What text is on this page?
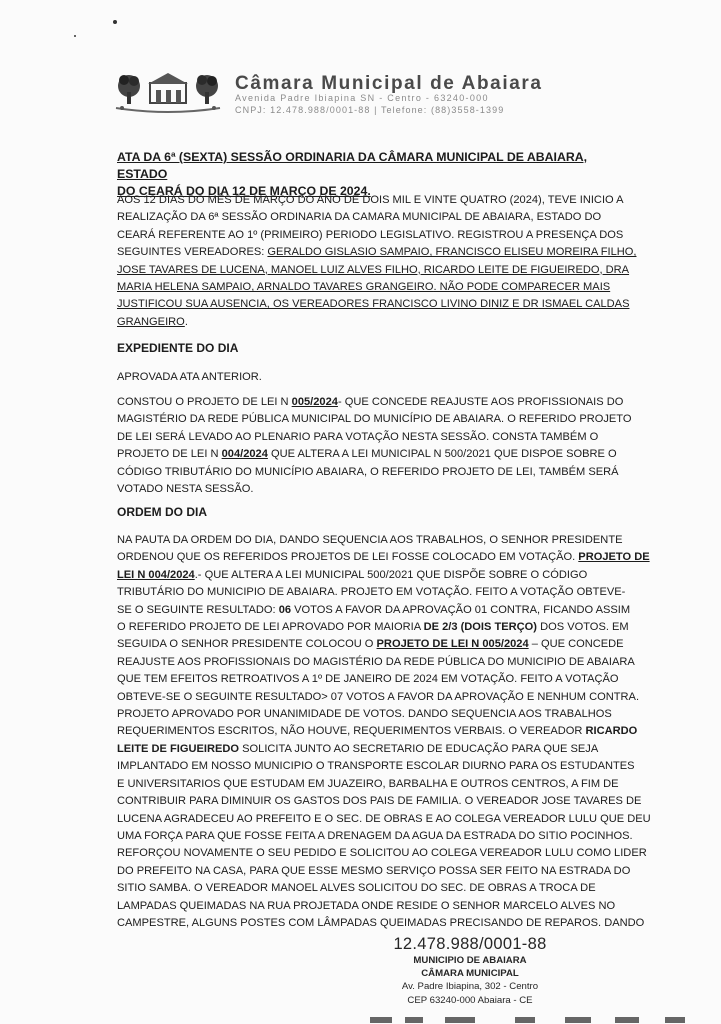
Câmara Municipal de Abaiara
Avenida Padre Ibiapina SN - Centro - 63240-000
CNPJ: 12.478.988/0001-88 | Telefone: (88)3558-1399
ATA DA 6ª (SEXTA) SESSÃO ORDINARIA DA CÂMARA MUNICIPAL DE ABAIARA, ESTADO
DO CEARÁ DO DIA 12 DE MARÇO DE 2024.
AOS 12 DIAS DO MÊS DE MARÇO DO ANO DE DOIS MIL E VINTE QUATRO (2024), TEVE INICIO A
REALIZAÇÃO DA 6ª SESSÃO ORDINARIA DA CAMARA MUNICIPAL DE ABAIARA, ESTADO DO
CEARÁ REFERENTE AO 1º (PRIMEIRO) PERIODO LEGISLATIVO. REGISTROU A PRESENÇA DOS
SEGUINTES VEREADORES: GERALDO GISLASIO SAMPAIO, FRANCISCO ELISEU MOREIRA FILHO,
JOSE TAVARES DE LUCENA, MANOEL LUIZ ALVES FILHO, RICARDO LEITE DE FIGUEIREDO, DRA
MARIA HELENA SAMPAIO, ARNALDO TAVARES GRANGEIRO. NÃO PODE COMPARECER MAIS
JUSTIFICOU SUA AUSENCIA, OS VEREADORES FRANCISCO LIVINO DINIZ E DR ISMAEL CALDAS
GRANGEIRO.
EXPEDIENTE DO DIA
APROVADA ATA ANTERIOR.
CONSTOU O PROJETO DE LEI N 005/2024- QUE CONCEDE REAJUSTE AOS PROFISSIONAIS DO
MAGISTÉRIO DA REDE PÚBLICA MUNICIPAL DO MUNICÍPIO DE ABAIARA. O REFERIDO PROJETO
DE LEI SERÁ LEVADO AO PLENARIO PARA VOTAÇÃO NESTA SESSÃO. CONSTA TAMBÉM O
PROJETO DE LEI N 004/2024 QUE ALTERA A LEI MUNICIPAL N 500/2021 QUE DISPOE SOBRE O
CÓDIGO TRIBUTÁRIO DO MUNICÍPIO ABAIARA, O REFERIDO PROJETO DE LEI, TAMBÉM SERÁ
VOTADO NESTA SESSÃO.
ORDEM DO DIA
NA PAUTA DA ORDEM DO DIA, DANDO SEQUENCIA AOS TRABALHOS, O SENHOR PRESIDENTE
ORDENOU QUE OS REFERIDOS PROJETOS DE LEI FOSSE COLOCADO EM VOTAÇÃO. PROJETO DE
LEI N 004/2024.- QUE ALTERA A LEI MUNICIPAL 500/2021 QUE DISPÕE SOBRE O CÓDIGO
TRIBUTÁRIO DO MUNICIPIO DE ABAIARA. PROJETO EM VOTAÇÃO. FEITO A VOTAÇÃO OBTEVE-
SE O SEGUINTE RESULTADO: 06 VOTOS A FAVOR DA APROVAÇÃO 01 CONTRA, FICANDO ASSIM
O REFERIDO PROJETO DE LEI APROVADO POR MAIORIA DE 2/3 (DOIS TERÇO) DOS VOTOS. EM
SEGUIDA O SENHOR PRESIDENTE COLOCOU O PROJETO DE LEI N 005/2024 – QUE CONCEDE
REAJUSTE AOS PROFISSIONAIS DO MAGISTÉRIO DA REDE PÚBLICA DO MUNICIPIO DE ABAIARA
QUE TEM EFEITOS RETROATIVOS A 1º DE JANEIRO DE 2024 EM VOTAÇÃO. FEITO A VOTAÇÃO
OBTEVE-SE O SEGUINTE RESULTADO> 07 VOTOS A FAVOR DA APROVAÇÃO E NENHUM CONTRA.
PROJETO APROVADO POR UNANIMIDADE DE VOTOS. DANDO SEQUENCIA AOS TRABALHOS
REQUERIMENTOS ESCRITOS, NÃO HOUVE, REQUERIMENTOS VERBAIS. O VEREADOR RICARDO
LEITE DE FIGUEIREDO SOLICITA JUNTO AO SECRETARIO DE EDUCAÇÃO PARA QUE SEJA
IMPLANTADO EM NOSSO MUNICIPIO O TRANSPORTE ESCOLAR DIURNO PARA OS ESTUDANTES
E UNIVERSITARIOS QUE ESTUDAM EM JUAZEIRO, BARBALHA E OUTROS CENTROS, A FIM DE
CONTRIBUIR PARA DIMINUIR OS GASTOS DOS PAIS DE FAMILIA. O VEREADOR JOSE TAVARES DE
LUCENA AGRADECEU AO PREFEITO E O SEC. DE OBRAS E AO COLEGA VEREADOR LULU QUE DEU
UMA FORÇA PARA QUE FOSSE FEITA A DRENAGEM DA AGUA DA ESTRADA DO SITIO POCINHOS.
REFORÇOU NOVAMENTE O SEU PEDIDO E SOLICITOU AO COLEGA VEREADOR LULU COMO LIDER
DO PREFEITO NA CASA, PARA QUE ESSE MESMO SERVIÇO POSSA SER FEITO NA ESTRADA DO
SITIO SAMBA. O VEREADOR MANOEL ALVES SOLICITOU DO SEC. DE OBRAS A TROCA DE
LAMPADAS QUEIMADAS NA RUA PROJETADA ONDE RESIDE O SENHOR MARCELO ALVES NO
CAMPESTRE, ALGUNS POSTES COM LÂMPADAS QUEIMADAS PRECISANDO DE REPAROS. DANDO
12.478.988/0001-88
MUNICIPIO DE ABAIARA
CÂMARA MUNICIPAL
Av. Padre Ibiapina, 302 - Centro
CEP 63240-000 Abaiara - CE
